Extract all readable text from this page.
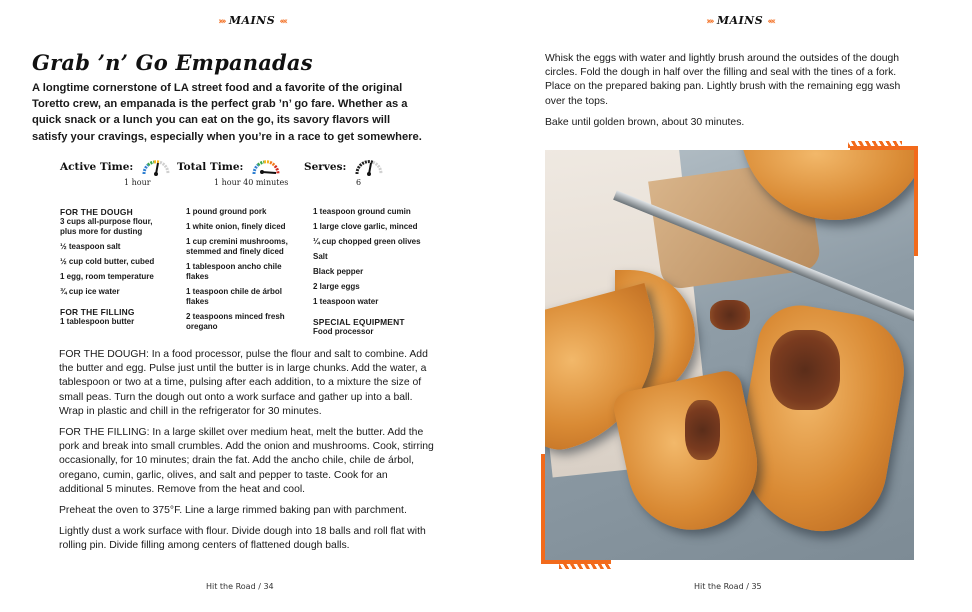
›››› MAINS ‹‹‹‹
Grab ’n’ Go Empanadas

A longtime cornerstone of LA street food and a favorite of the original Toretto crew, an empanada is the perfect grab ’n’ go fare. Whether as a quick snack or a lunch you can eat on the go, its savory flavors will satisfy your cravings, especially when you’re in a race to get somewhere.

Active Time:
1 hour
Total Time:
1 hour 40 minutes
Serves:
6
FOR THE DOUGH
3 cups all-purpose flour, plus more for dusting
½ teaspoon salt
½ cup cold butter, cubed
1 egg, room temperature
¾ cup ice water
FOR THE FILLING
1 tablespoon butter
1 pound ground pork
1 white onion, finely diced
1 cup cremini mushrooms, stemmed and finely diced
1 tablespoon ancho chile flakes
1 teaspoon chile de árbol flakes
2 teaspoons minced fresh oregano
1 teaspoon ground cumin
1 large clove garlic, minced
¼ cup chopped green olives
Salt
Black pepper
2 large eggs
1 teaspoon water
SPECIAL EQUIPMENT
Food processor

FOR THE DOUGH: In a food processor, pulse the flour and salt to combine. Add the butter and egg. Pulse just until the butter is in large chunks. Add the water, a tablespoon or two at a time, pulsing after each addition, to a mixture the size of small peas. Turn the dough out onto a work surface and gather up into a ball. Wrap in plastic and chill in the refrigerator for 30 minutes.

FOR THE FILLING: In a large skillet over medium heat, melt the butter. Add the pork and break into small crumbles. Add the onion and mushrooms. Cook, stirring occasionally, for 10 minutes; drain the fat. Add the ancho chile, chile de árbol, oregano, cumin, garlic, olives, and salt and pepper to taste. Cook for an additional 5 minutes. Remove from the heat and cool.

Preheat the oven to 375°F. Line a large rimmed baking pan with parchment.

Lightly dust a work surface with flour. Divide dough into 18 balls and roll flat with rolling pin. Divide filling among centers of flattened dough balls.

Hit the Road / 34
›››› MAINS ‹‹‹‹

Whisk the eggs with water and lightly brush around the outsides of the dough circles. Fold the dough in half over the filling and seal with the tines of a fork. Place on the prepared baking pan. Lightly brush with the remaining egg wash over the tops.

Bake until golden brown, about 30 minutes.

Hit the Road / 35
